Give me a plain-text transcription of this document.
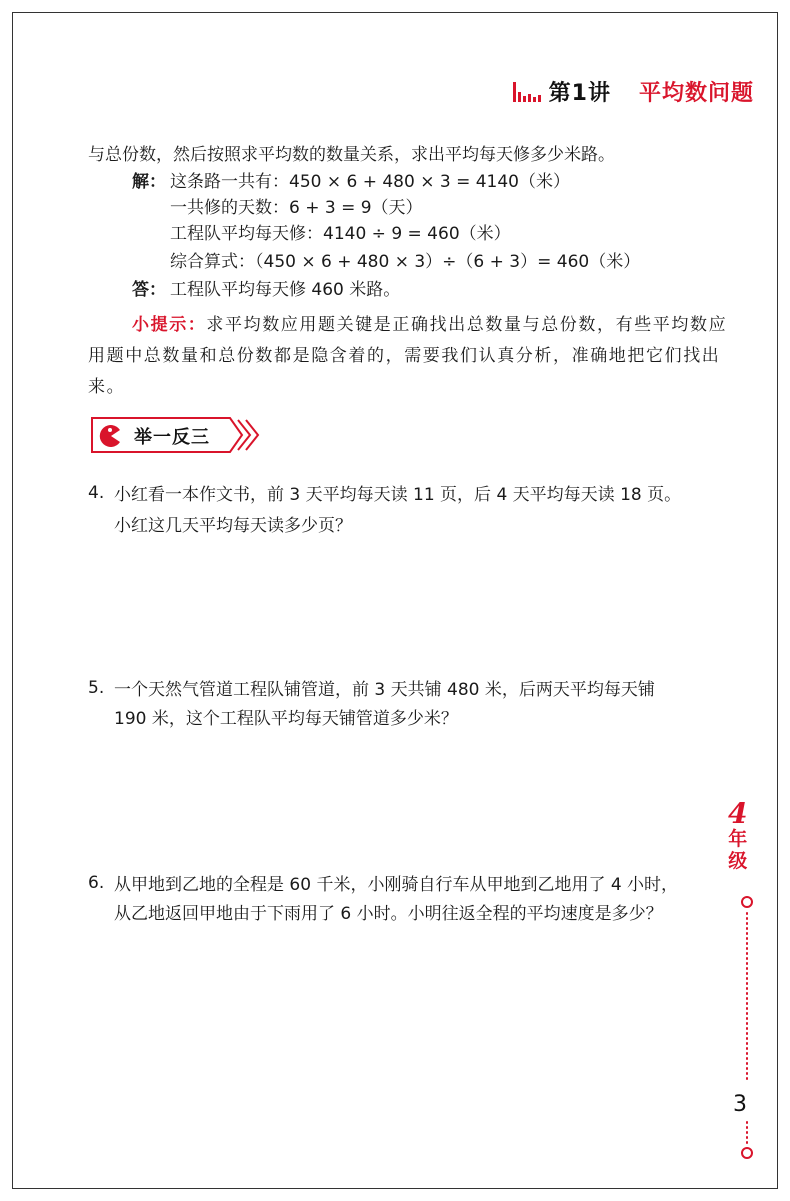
第1讲 平均数问题
与总份数，然后按照求平均数的数量关系，求出平均每天修多少米路。
解： 这条路一共有：450 × 6 + 480 × 3 = 4140（米）
一共修的天数：6 + 3 = 9（天）
工程队平均每天修：4140 ÷ 9 = 460（米）
综合算式：（450 × 6 + 480 × 3）÷（6 + 3）= 460（米）
答： 工程队平均每天修 460 米路。
小提示：求平均数应用题关键是正确找出总数量与总份数，有些平均数应用题中总数量和总份数都是隐含着的，需要我们认真分析，准确地把它们找出来。
举一反三
4. 小红看一本作文书，前 3 天平均每天读 11 页，后 4 天平均每天读 18 页。
小红这几天平均每天读多少页？
5. 一个天然气管道工程队铺管道，前 3 天共铺 480 米，后两天平均每天铺
190 米，这个工程队平均每天铺管道多少米？
6. 从甲地到乙地的全程是 60 千米，小刚骑自行车从甲地到乙地用了 4 小时，
从乙地返回甲地由于下雨用了 6 小时。小明往返全程的平均速度是多少？
4
年
级
3
